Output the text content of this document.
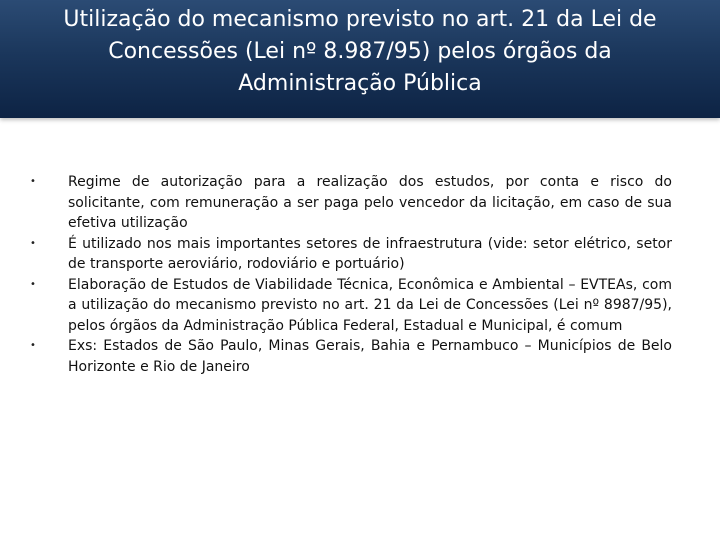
Utilização do mecanismo previsto no art. 21 da Lei de Concessões (Lei nº 8.987/95) pelos órgãos da Administração Pública
• Regime de autorização para a realização dos estudos, por conta e risco do solicitante, com remuneração a ser paga pelo vencedor da licitação, em caso de sua efetiva utilização
• É utilizado nos mais importantes setores de infraestrutura (vide: setor elétrico, setor de transporte aeroviário, rodoviário e portuário)
• Elaboração de Estudos de Viabilidade Técnica, Econômica e Ambiental – EVTEAs, com a utilização do mecanismo previsto no art. 21 da Lei de Concessões (Lei nº 8987/95), pelos órgãos da Administração Pública Federal, Estadual e Municipal, é comum
• Exs: Estados de São Paulo, Minas Gerais, Bahia e Pernambuco – Municípios de Belo Horizonte e Rio de Janeiro
